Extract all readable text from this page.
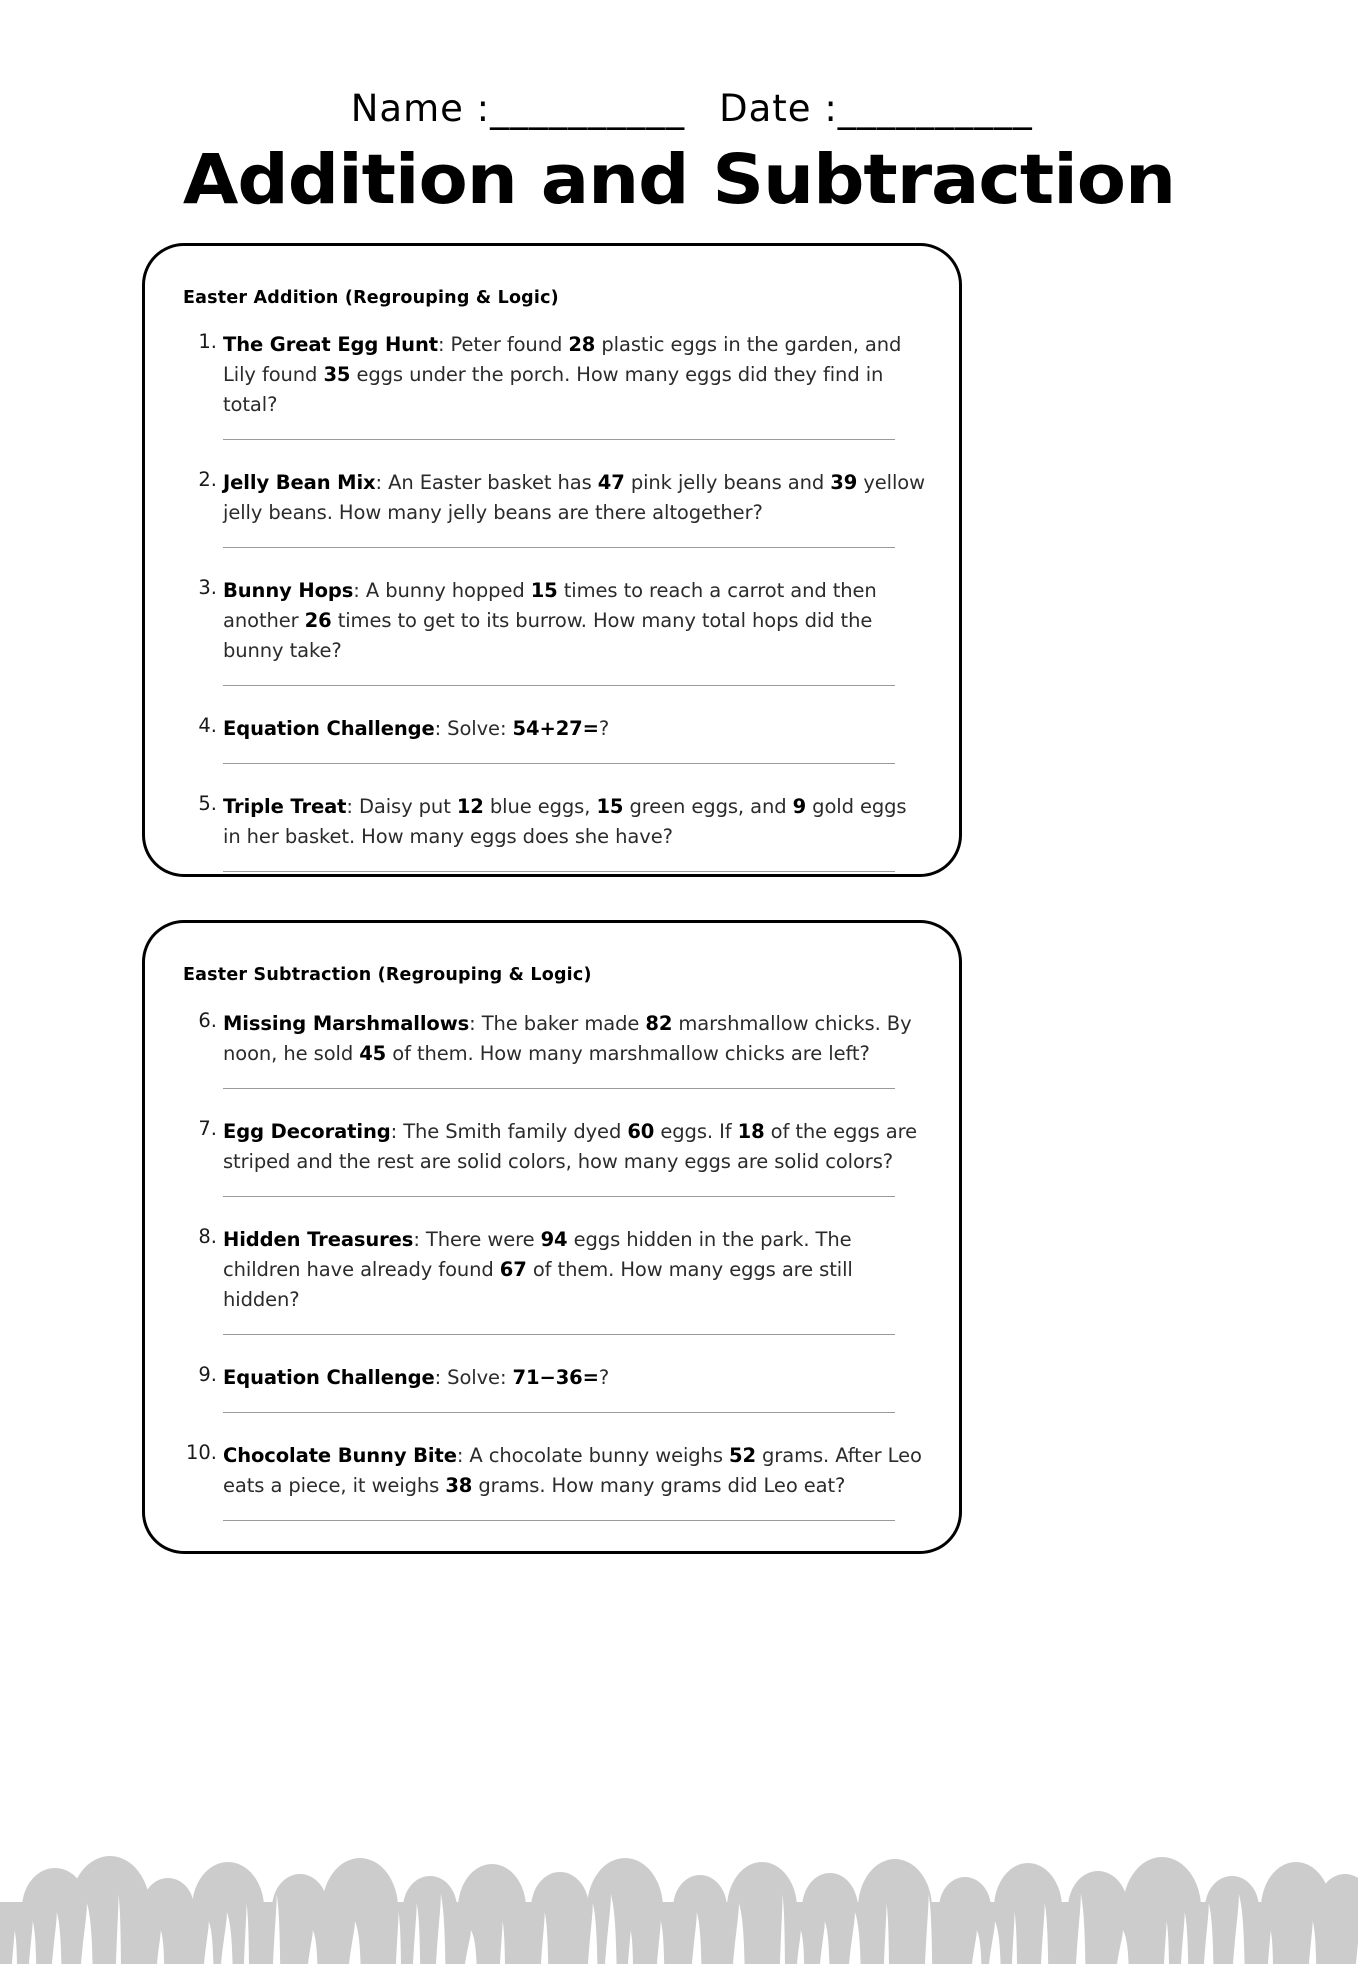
Name :__________ Date :__________

Addition and Subtraction
Easter Addition (Regrouping & Logic)
1. The Great Egg Hunt: Peter found 28 plastic eggs in the garden, and Lily found 35 eggs under the porch. How many eggs did they find in total?
2. Jelly Bean Mix: An Easter basket has 47 pink jelly beans and 39 yellow jelly beans. How many jelly beans are there altogether?
3. Bunny Hops: A bunny hopped 15 times to reach a carrot and then another 26 times to get to its burrow. How many total hops did the bunny take?
4. Equation Challenge: Solve: 54+27=?
5. Triple Treat: Daisy put 12 blue eggs, 15 green eggs, and 9 gold eggs in her basket. How many eggs does she have?
Easter Subtraction (Regrouping & Logic)
6. Missing Marshmallows: The baker made 82 marshmallow chicks. By noon, he sold 45 of them. How many marshmallow chicks are left?
7. Egg Decorating: The Smith family dyed 60 eggs. If 18 of the eggs are striped and the rest are solid colors, how many eggs are solid colors?
8. Hidden Treasures: There were 94 eggs hidden in the park. The children have already found 67 of them. How many eggs are still hidden?
9. Equation Challenge: Solve: 71−36=?
10. Chocolate Bunny Bite: A chocolate bunny weighs 52 grams. After Leo eats a piece, it weighs 38 grams. How many grams did Leo eat?
